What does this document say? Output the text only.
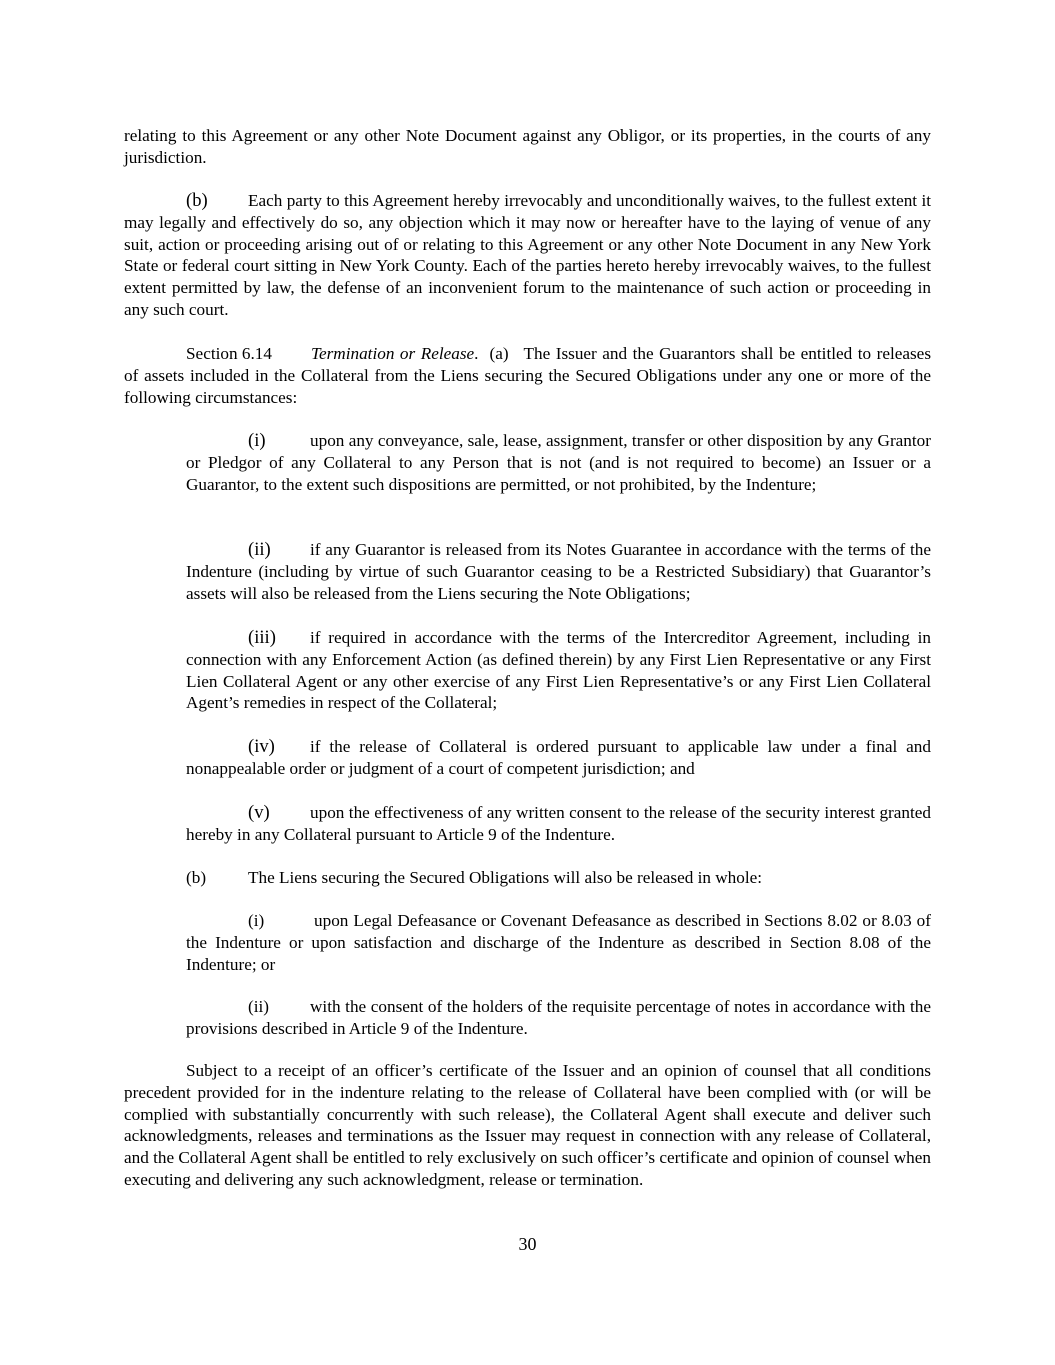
relating to this Agreement or any other Note Document against any Obligor, or its properties, in the courts of any jurisdiction.

(b) Each party to this Agreement hereby irrevocably and unconditionally waives, to the fullest extent it may legally and effectively do so, any objection which it may now or hereafter have to the laying of venue of any suit, action or proceeding arising out of or relating to this Agreement or any other Note Document in any New York State or federal court sitting in New York County. Each of the parties hereto hereby irrevocably waives, to the fullest extent permitted by law, the defense of an inconvenient forum to the maintenance of such action or proceeding in any such court.

Section 6.14 Termination or Release.  (a) The Issuer and the Guarantors shall be entitled to releases of assets included in the Collateral from the Liens securing the Secured Obligations under any one or more of the following circumstances:

(i)	upon any conveyance, sale, lease, assignment, transfer or other disposition by any Grantor or Pledgor of any Collateral to any Person that is not (and is not required to become) an Issuer or a Guarantor, to the extent such dispositions are permitted, or not prohibited, by the Indenture;

(ii) if any Guarantor is released from its Notes Guarantee in accordance with the terms of the Indenture (including by virtue of such Guarantor ceasing to be a Restricted Subsidiary) that Guarantor’s assets will also be released from the Liens securing the Note Obligations;

(iii) if required in accordance with the terms of the Intercreditor Agreement, including in connection with any Enforcement Action (as defined therein) by any First Lien Representative or any First Lien Collateral Agent or any other exercise of any First Lien Representative’s or any First Lien Collateral Agent’s remedies in respect of the Collateral;

(iv) if the release of Collateral is ordered pursuant to applicable law under a final and nonappealable order or judgment of a court of competent jurisdiction; and

(v) upon the effectiveness of any written consent to the release of the security interest granted hereby in any Collateral pursuant to Article 9 of the Indenture.

(b) The Liens securing the Secured Obligations will also be released in whole:

(i)	upon Legal Defeasance or Covenant Defeasance as described in Sections 8.02 or 8.03 of the Indenture or upon satisfaction and discharge of the Indenture as described in Section 8.08 of the Indenture; or

(ii) with the consent of the holders of the requisite percentage of notes in accordance with the provisions described in Article 9 of the Indenture.

Subject to a receipt of an officer’s certificate of the Issuer and an opinion of counsel that all conditions precedent provided for in the indenture relating to the release of Collateral have been complied with (or will be complied with substantially concurrently with such release), the Collateral Agent shall execute and deliver such acknowledgments, releases and terminations as the Issuer may request in connection with any release of Collateral, and the Collateral Agent shall be entitled to rely exclusively on such officer’s certificate and opinion of counsel when executing and delivering any such acknowledgment, release or termination.

30
